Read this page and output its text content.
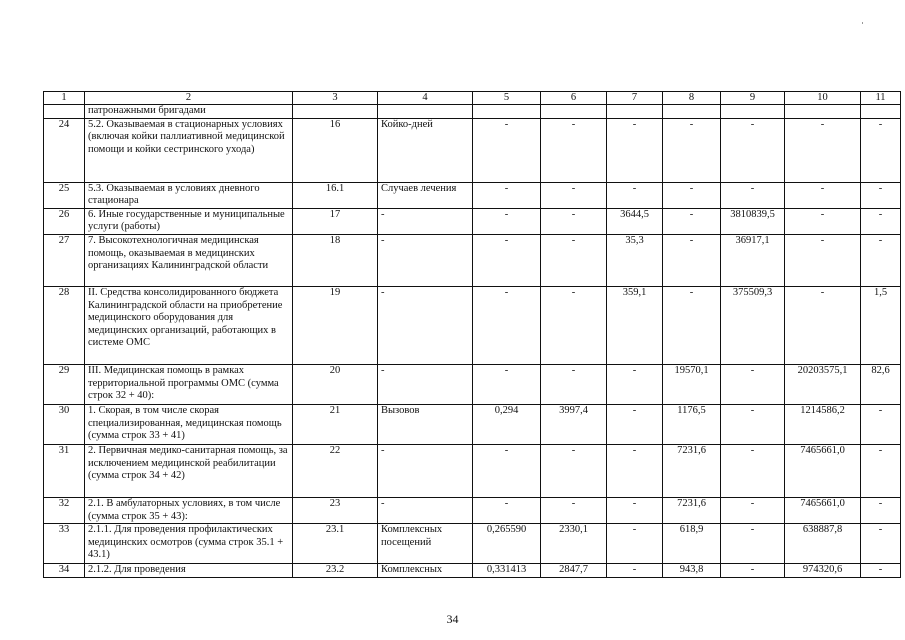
1	2	3	4	5	6	7	8	9	10	11
	патронажными бригадами									
24	5.2. Оказываемая в стационарных условиях (включая койки паллиативной медицинской помощи и койки сестринского ухода)	16	Койко-дней	-	-	-	-	-	-	-
25	5.3. Оказываемая в условиях дневного стационара	16.1	Случаев лечения	-	-	-	-	-	-	-
26	6. Иные государственные и муниципальные услуги (работы)	17	-	-	-	3644,5	-	3810839,5	-	-
27	7. Высокотехнологичная медицинская помощь, оказываемая в медицинских организациях Калининградской области	18	-	-	-	35,3	-	36917,1	-	-
28	II. Средства консолидированного бюджета Калининградской области на приобретение медицинского оборудования для медицинских организаций, работающих в системе ОМС	19	-	-	-	359,1	-	375509,3	-	1,5
29	III. Медицинская помощь в рамках территориальной программы ОМС (сумма строк 32 + 40):	20	-	-	-	-	19570,1	-	20203575,1	82,6
30	1. Скорая, в том числе скорая специализированная, медицинская помощь (сумма строк 33 + 41)	21	Вызовов	0,294	3997,4	-	1176,5	-	1214586,2	-
31	2. Первичная медико-санитарная помощь, за исключением медицинской реабилитации (сумма строк 34 + 42)	22	-	-	-	-	7231,6	-	7465661,0	-
32	2.1. В амбулаторных условиях, в том числе (сумма строк 35 + 43):	23	-	-	-	-	7231,6	-	7465661,0	-
33	2.1.1. Для проведения профилактических медицинских осмотров (сумма строк 35.1 + 43.1)	23.1	Комплексных посещений	0,265590	2330,1	-	618,9	-	638887,8	-
34	2.1.2. Для проведения	23.2	Комплексных	0,331413	2847,7	-	943,8	-	974320,6	-
34
